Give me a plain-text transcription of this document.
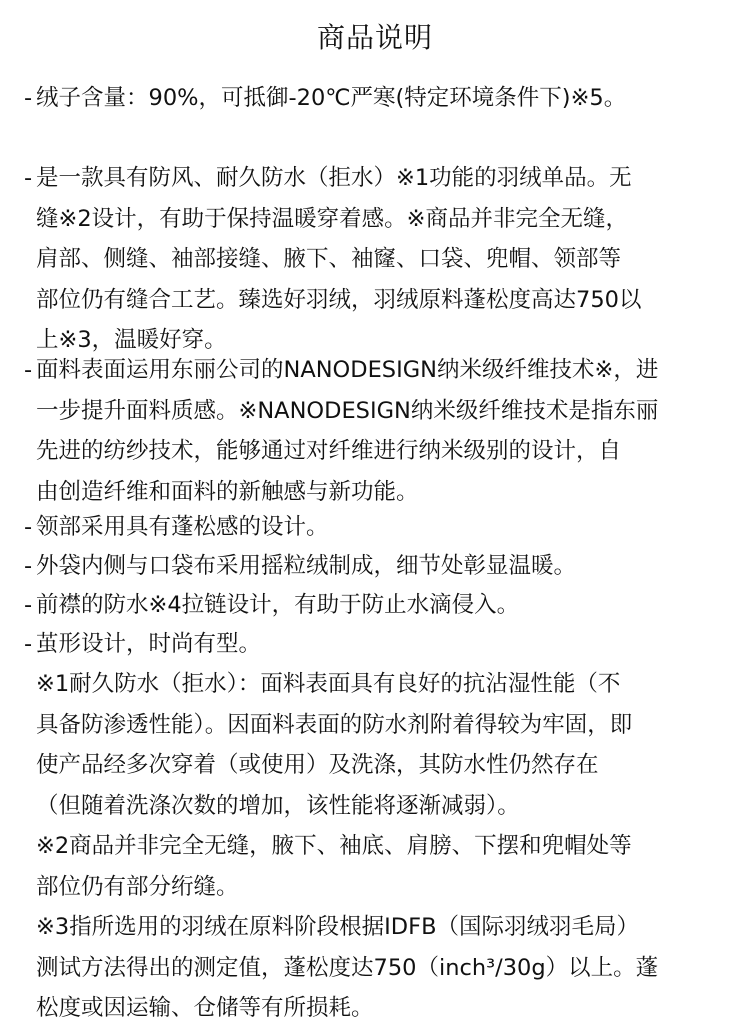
商品说明
- 绒子含量：90%，可抵御-20℃严寒(特定环境条件下)※5。
- 是一款具有防风、耐久防水（拒水）※1功能的羽绒单品。无
缝※2设计，有助于保持温暖穿着感。※商品并非完全无缝，
肩部、侧缝、袖部接缝、腋下、袖窿、口袋、兜帽、领部等
部位仍有缝合工艺。臻选好羽绒，羽绒原料蓬松度高达750以
上※3，温暖好穿。
- 面料表面运用东丽公司的NANODESIGN纳米级纤维技术※，进
一步提升面料质感。※NANODESIGN纳米级纤维技术是指东丽
先进的纺纱技术，能够通过对纤维进行纳米级别的设计，自
由创造纤维和面料的新触感与新功能。
- 领部采用具有蓬松感的设计。
- 外袋内侧与口袋布采用摇粒绒制成，细节处彰显温暖。
- 前襟的防水※4拉链设计，有助于防止水滴侵入。
- 茧形设计，时尚有型。
※1耐久防水（拒水）：面料表面具有良好的抗沾湿性能（不
具备防渗透性能）。因面料表面的防水剂附着得较为牢固，即
使产品经多次穿着（或使用）及洗涤，其防水性仍然存在
（但随着洗涤次数的增加，该性能将逐渐减弱）。
※2商品并非完全无缝，腋下、袖底、肩膀、下摆和兜帽处等
部位仍有部分绗缝。
※3指所选用的羽绒在原料阶段根据IDFB（国际羽绒羽毛局）
测试方法得出的测定值，蓬松度达750（inch³/30g）以上。蓬
松度或因运输、仓储等有所损耗。
